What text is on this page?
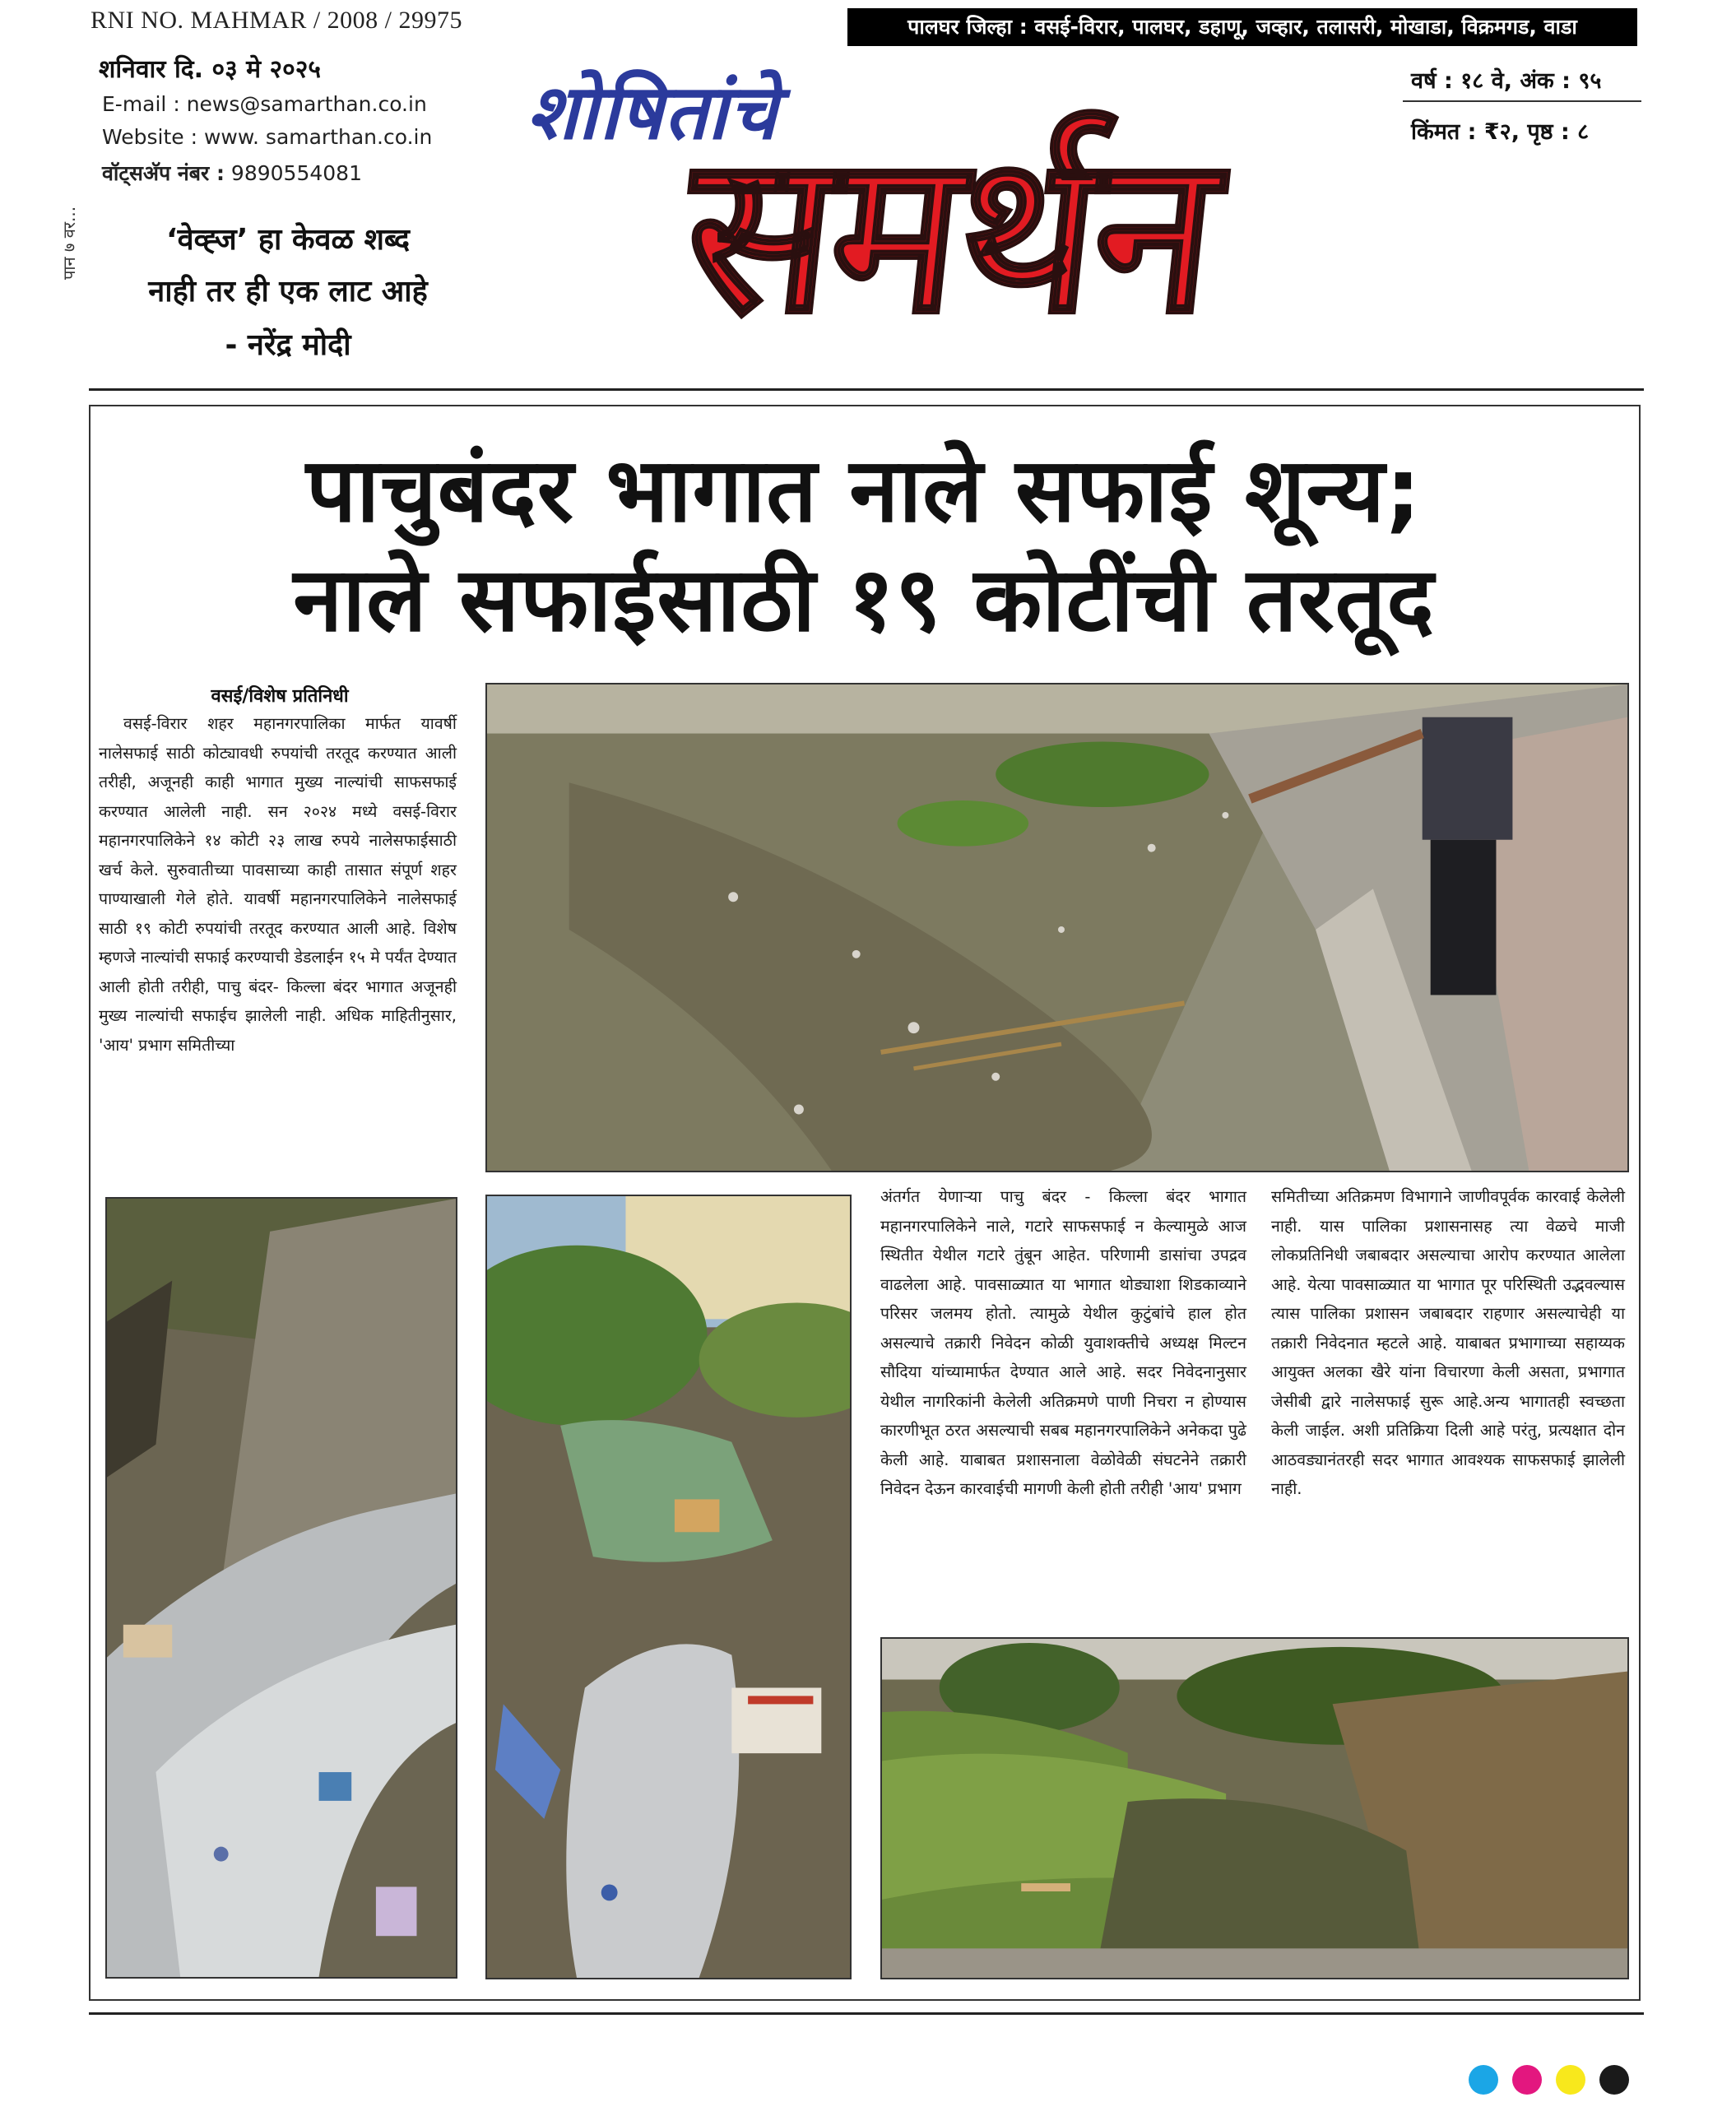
RNI NO. MAHMAR / 2008 / 29975	पालघर जिल्हा : वसई-विरार, पालघर, डहाणू, जव्हार, तलासरी, मोखाडा, विक्रमगड, वाडा
शनिवार दि. ०३ मे २०२५
E-mail : news@samarthan.co.in
Website : www. samarthan.co.in
वॉट्सअ‍ॅप नंबर : 9890554081
पान ७ वर...	‘वेव्ह्ज’ हा केवळ शब्द
नाही तर ही एक लाट आहे
- नरेंद्र मोदी
शोषितांचे
समर्थन
वर्ष : १८ वे, अंक : ९५
किंमत : ₹२, पृष्ठ : ८
पाचुबंदर भागात नाले सफाई शून्य;
नाले सफाईसाठी १९ कोटींची तरतूद
वसई/विशेष प्रतिनिधी
वसई-विरार शहर महानगरपालिका मार्फत यावर्षी नालेसफाई साठी कोट्यावधी रुपयांची तरतूद करण्यात आली तरीही, अजूनही काही भागात मुख्य नाल्यांची साफसफाई करण्यात आलेली नाही. सन २०२४ मध्ये वसई-विरार महानगरपालिकेने १४ कोटी २३ लाख रुपये नालेसफाईसाठी खर्च केले. सुरुवातीच्या पावसाच्या काही तासात संपूर्ण शहर पाण्याखाली गेले होते. यावर्षी महानगरपालिकेने नालेसफाई साठी १९ कोटी रुपयांची तरतूद करण्यात आली आहे. विशेष म्हणजे नाल्यांची सफाई करण्याची डेडलाईन १५ मे पर्यंत देण्यात आली होती तरीही, पाचु बंदर- किल्ला बंदर भागात अजूनही मुख्य नाल्यांची सफाईच झालेली नाही. अधिक माहितीनुसार, 'आय' प्रभाग समितीच्या
अंतर्गत येणाऱ्या पाचु बंदर - किल्ला बंदर भागात महानगरपालिकेने नाले, गटारे साफसफाई न केल्यामुळे आज स्थितीत येथील गटारे तुंबून आहेत. परिणामी डासांचा उपद्रव वाढलेला आहे. पावसाळ्यात या भागात थोड्याशा शिडकाव्याने परिसर जलमय होतो. त्यामुळे येथील कुटुंबांचे हाल होत असल्याचे तक्रारी निवेदन कोळी युवाशक्तीचे अध्यक्ष मिल्टन सौदिया यांच्यामार्फत देण्यात आले आहे. सदर निवेदनानुसार येथील नागरिकांनी केलेली अतिक्रमणे पाणी निचरा न होण्यास कारणीभूत ठरत असल्याची सबब महानगरपालिकेने अनेकदा पुढे केली आहे. याबाबत प्रशासनाला वेळोवेळी संघटनेने तक्रारी निवेदन देऊन कारवाईची मागणी केली होती तरीही 'आय' प्रभाग
समितीच्या अतिक्रमण विभागाने जाणीवपूर्वक कारवाई केलेली नाही. यास पालिका प्रशासनासह त्या वेळचे माजी लोकप्रतिनिधी जबाबदार असल्याचा आरोप करण्यात आलेला आहे. येत्या पावसाळ्यात या भागात पूर परिस्थिती उद्भवल्यास त्यास पालिका प्रशासन जबाबदार राहणार असल्याचेही या तक्रारी निवेदनात म्हटले आहे. याबाबत प्रभागाच्या सहाय्यक आयुक्त अलका खैरे यांना विचारणा केली असता, प्रभागात जेसीबी द्वारे नालेसफाई सुरू आहे.अन्य भागातही स्वच्छता केली जाईल. अशी प्रतिक्रिया दिली आहे परंतु, प्रत्यक्षात दोन आठवड्यानंतरही सदर भागात आवश्यक साफसफाई झालेली नाही.
